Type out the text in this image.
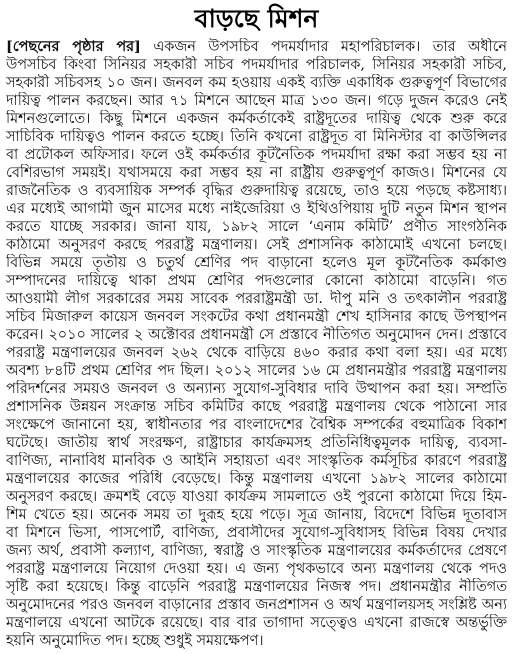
বাড়ছে মিশন
[পেছনের পৃষ্ঠার পর] একজন উপসচিব পদমর্যাদার মহাপরিচালক। তার অধীনে
উপসচিব কিংবা সিনিয়র সহকারী সচিব পদমর্যাদার পরিচালক, সিনিয়র সহকারী সচিব,
সহকারী সচিবসহ ১০ জন। জনবল কম হওয়ায় একই ব্যক্তি একাধিক গুরুত্বপূর্ণ বিভাগের
দায়িত্ব পালন করছেন। আর ৭১ মিশনে আছেন মাত্র ১৩০ জন। গড়ে দুজন করেও নেই
মিশনগুলোতে। কিছু মিশনে একজন কর্মকর্তাকেই রাষ্ট্রদূতের দায়িত্ব থেকে শুরু করে
সাচিবিক দায়িত্বও পালন করতে হচ্ছে। তিনি কখনো রাষ্ট্রদূত বা মিনিস্টার বা কাউন্সিলর
বা প্রটোকল অফিসার। ফলে ওই কর্মকর্তার কূটনৈতিক পদমর্যাদা রক্ষা করা সম্ভব হয় না
বেশিরভাগ সময়ই। যথাসময়ে করা সম্ভব হয় না রাষ্ট্রীয় গুরুত্বপূর্ণ কাজও। মিশনের যে
রাজনৈতিক ও ব্যবসায়িক সম্পর্ক বৃদ্ধির গুরুদায়িত্ব রয়েছে, তাও হয়ে পড়ছে কষ্টসাধ্য।
এর মধ্যেই আগামী জুন মাসের মধ্যে নাইজেরিয়া ও ইথিওপিয়ায় দুটি নতুন মিশন স্থাপন
করতে যাচ্ছে সরকার। জানা যায়, ১৯৮২ সালে ‘এনাম কমিটি’ প্রণীত সাংগঠনিক
কাঠামো অনুসরণ করছে পররাষ্ট্র মন্ত্রণালয়। সেই প্রশাসনিক কাঠামোই এখনো চলছে।
বিভিন্ন সময়ে তৃতীয় ও চতুর্থ শ্রেণির পদ বাড়ানো হলেও মূল কূটনৈতিক কর্মকাণ্ড
সম্পাদনের দায়িত্বে থাকা প্রথম শ্রেণির পদগুলোর কোনো কাঠামো বাড়েনি। গত
আওয়ামী লীগ সরকারের সময় সাবেক পররাষ্ট্রমন্ত্রী ডা. দীপু মনি ও তৎকালীন পররাষ্ট্র
সচিব মিজারুল কায়েস জনবল সংকটের কথা প্রধানমন্ত্রী শেখ হাসিনার কাছে উপস্থাপন
করেন। ২০১০ সালের ২ অক্টোবর প্রধানমন্ত্রী সে প্রস্তাবে নীতিগত অনুমোদন দেন। প্রস্তাবে
পররাষ্ট্র মন্ত্রণালয়ের জনবল ২৬২ থেকে বাড়িয়ে ৪৬০ করার কথা বলা হয়। এর মধ্যে
অবশ্য ৮৪টি প্রথম শ্রেণির পদ ছিল। ২০১২ সালের ১৬ মে প্রধানমন্ত্রীর পররাষ্ট্র মন্ত্রণালয়
পরিদর্শনের সময়ও জনবল ও অন্যান্য সুযোগ-সুবিধার দাবি উত্থাপন করা হয়। সম্প্রতি
প্রশাসনিক উন্নয়ন সংক্রান্ত সচিব কমিটির কাছে পররাষ্ট্র মন্ত্রণালয় থেকে পাঠানো সার
সংক্ষেপে জানানো হয়, স্বাধীনতার পর বাংলাদেশের বৈশ্বিক সম্পর্কের বহুমাত্রিক বিকাশ
ঘটেছে। জাতীয় স্বার্থ সংরক্ষণ, রাষ্ট্রাচার কার্যক্রমসহ প্রতিনিধিত্বমূলক দায়িত্ব, ব্যবসা-
বাণিজ্য, নানাবিধ মানবিক ও আইনি সহায়তা এবং সাংস্কৃতিক কর্মসূচির কারণে পররাষ্ট্র
মন্ত্রণালয়ের কাজের পরিধি বেড়েছে। কিন্তু মন্ত্রণালয় এখনো ১৯৮২ সালের কাঠামো
অনুসরণ করছে। ক্রমশই বেড়ে যাওয়া কার্যক্রম সামলাতে ওই পুরনো কাঠামো দিয়ে হিম-
শিম খেতে হয়। অনেক সময় তা দুরূহ হয়ে পড়ে। সূত্র জানায়, বিদেশে বিভিন্ন দূতাবাস
বা মিশনে ভিসা, পাসপোর্ট, বাণিজ্য, প্রবাসীদের সুযোগ-সুবিধাসহ বিভিন্ন বিষয় দেখার
জন্য অর্থ, প্রবাসী কল্যাণ, বাণিজ্য, স্বরাষ্ট্র ও সাংস্কৃতিক মন্ত্রণালয়ের কর্মকর্তাদের প্রেষণে
পররাষ্ট্র মন্ত্রণালয়ে নিয়োগ দেওয়া হয়। এ জন্য পৃথকভাবে অন্য মন্ত্রণালয় থেকে পদও
সৃষ্টি করা হয়েছে। কিন্তু বাড়েনি পররাষ্ট্র মন্ত্রণালয়ের নিজস্ব পদ। প্রধানমন্ত্রীর নীতিগত
অনুমোদনের পরও জনবল বাড়ানোর প্রস্তাব জনপ্রশাসন ও অর্থ মন্ত্রণালয়সহ সংশ্লিষ্ট অন্য
মন্ত্রণালয়ে এখনো আটকে রয়েছে। বার বার তাগাদা সত্ত্বেও এখনো রাজস্বে অন্তর্ভুক্তি
হয়নি অনুমোদিত পদ। হচ্ছে শুধুই সময়ক্ষেপণ।
